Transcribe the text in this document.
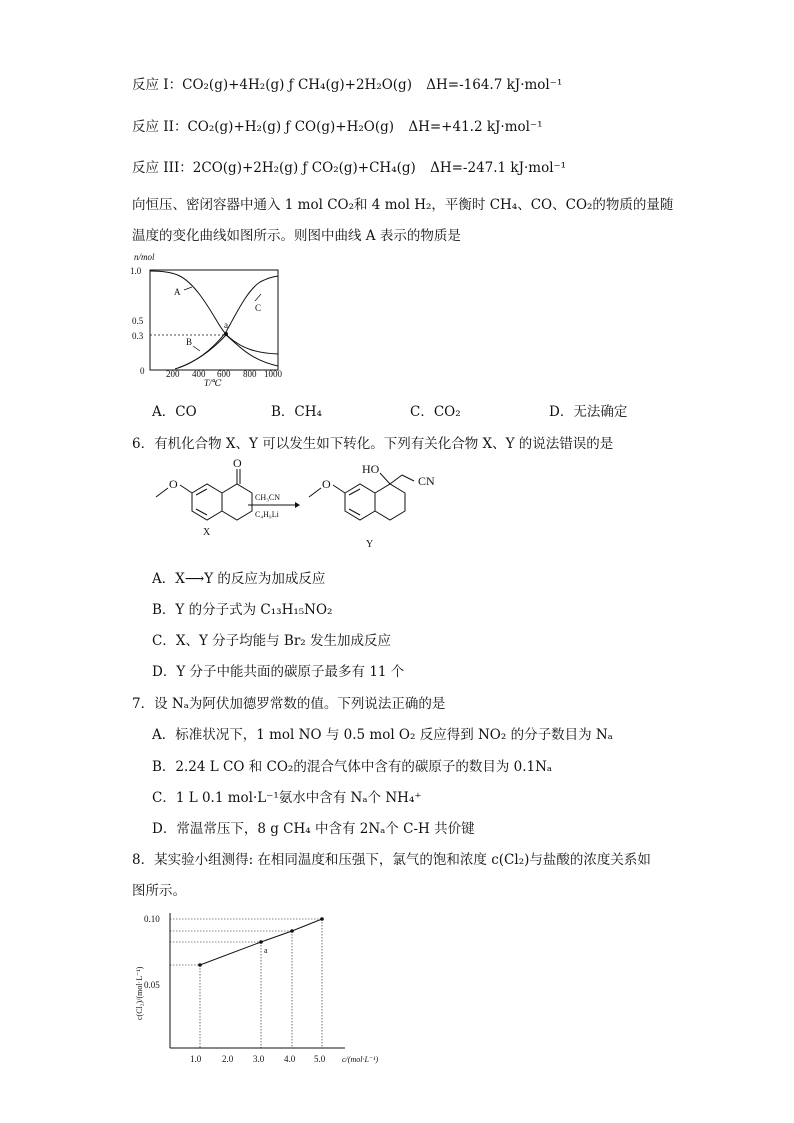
反应 I：CO₂(g)+4H₂(g) ƒ CH₄(g)+2H₂O(g) ΔH=-164.7 kJ·mol⁻¹
反应 II：CO₂(g)+H₂(g) ƒ CO(g)+H₂O(g) ΔH=+41.2 kJ·mol⁻¹
反应 III：2CO(g)+2H₂(g) ƒ CO₂(g)+CH₄(g) ΔH=-247.1 kJ·mol⁻¹
向恒压、密闭容器中通入 1 mol CO₂和 4 mol H₂，平衡时 CH₄、CO、CO₂的物质的量随
温度的变化曲线如图所示。则图中曲线 A 表示的物质是
n/mol
1.0
0.5
0.3
0 200 400 600 800 1000
T/℃
a
A
B
C
A．CO	B．CH₄	C．CO₂	D．无法确定
6．有机化合物 X、Y 可以发生如下转化。下列有关化合物 X、Y 的说法错误的是
O
O
X
CH₃CN
C₄H₉Li
O
HO
CN
Y
A．X⟶Y 的反应为加成反应
B．Y 的分子式为 C₁₃H₁₅NO₂
C．X、Y 分子均能与 Br₂ 发生加成反应
D．Y 分子中能共面的碳原子最多有 11 个
7．设 Nₐ为阿伏加德罗常数的值。下列说法正确的是
A．标准状况下，1 mol NO 与 0.5 mol O₂ 反应得到 NO₂ 的分子数目为 Nₐ
B．2.24 L CO 和 CO₂的混合气体中含有的碳原子的数目为 0.1Nₐ
C．1 L 0.1 mol·L⁻¹氨水中含有 Nₐ个 NH₄⁺
D．常温常压下，8 g CH₄ 中含有 2Nₐ个 C-H 共价键
8．某实验小组测得: 在相同温度和压强下，氯气的饱和浓度 c(Cl₂)与盐酸的浓度关系如
图所示。
c(Cl₂)/(mol·L⁻¹)
0.10
0.05
1.0 2.0 3.0 4.0 5.0 c/(mol·L⁻¹)
a
